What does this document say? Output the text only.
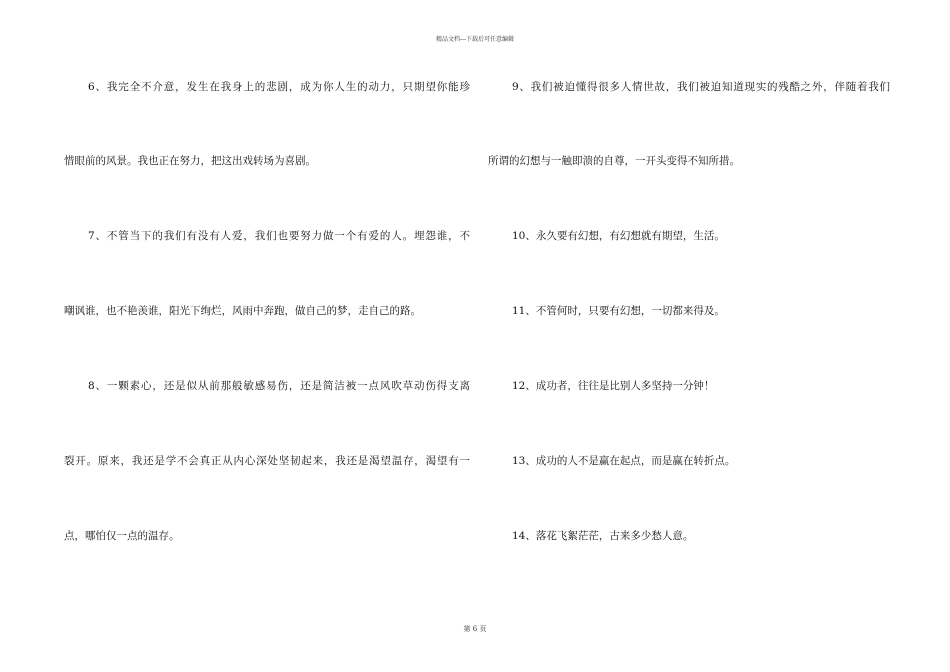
精品文档---下载后可任意编辑
6、我完全不介意，发生在我身上的悲剧，成为你人生的动力，只期望你能珍
惜眼前的风景。我也正在努力，把这出戏转场为喜剧。
7、不管当下的我们有没有人爱，我们也要努力做一个有爱的人。埋怨谁，不
嘲讽谁，也不艳羡谁，阳光下绚烂，风雨中奔跑，做自己的梦，走自己的路。
8、一颗素心，还是似从前那般敏感易伤，还是简洁被一点风吹草动伤得支离
裂开。原来，我还是学不会真正从内心深处坚韧起来，我还是渴望温存，渴望有一
点，哪怕仅一点的温存。
9、我们被迫懂得很多人情世故，我们被迫知道现实的残酷之外，伴随着我们
所谓的幻想与一触即溃的自尊，一开头变得不知所措。
10、永久要有幻想，有幻想就有期望，生活。
11、不管何时，只要有幻想，一切都来得及。
12、成功者，往往是比别人多坚持一分钟！
13、成功的人不是赢在起点，而是赢在转折点。
14、落花飞絮茫茫，古来多少愁人意。
第 6 页
